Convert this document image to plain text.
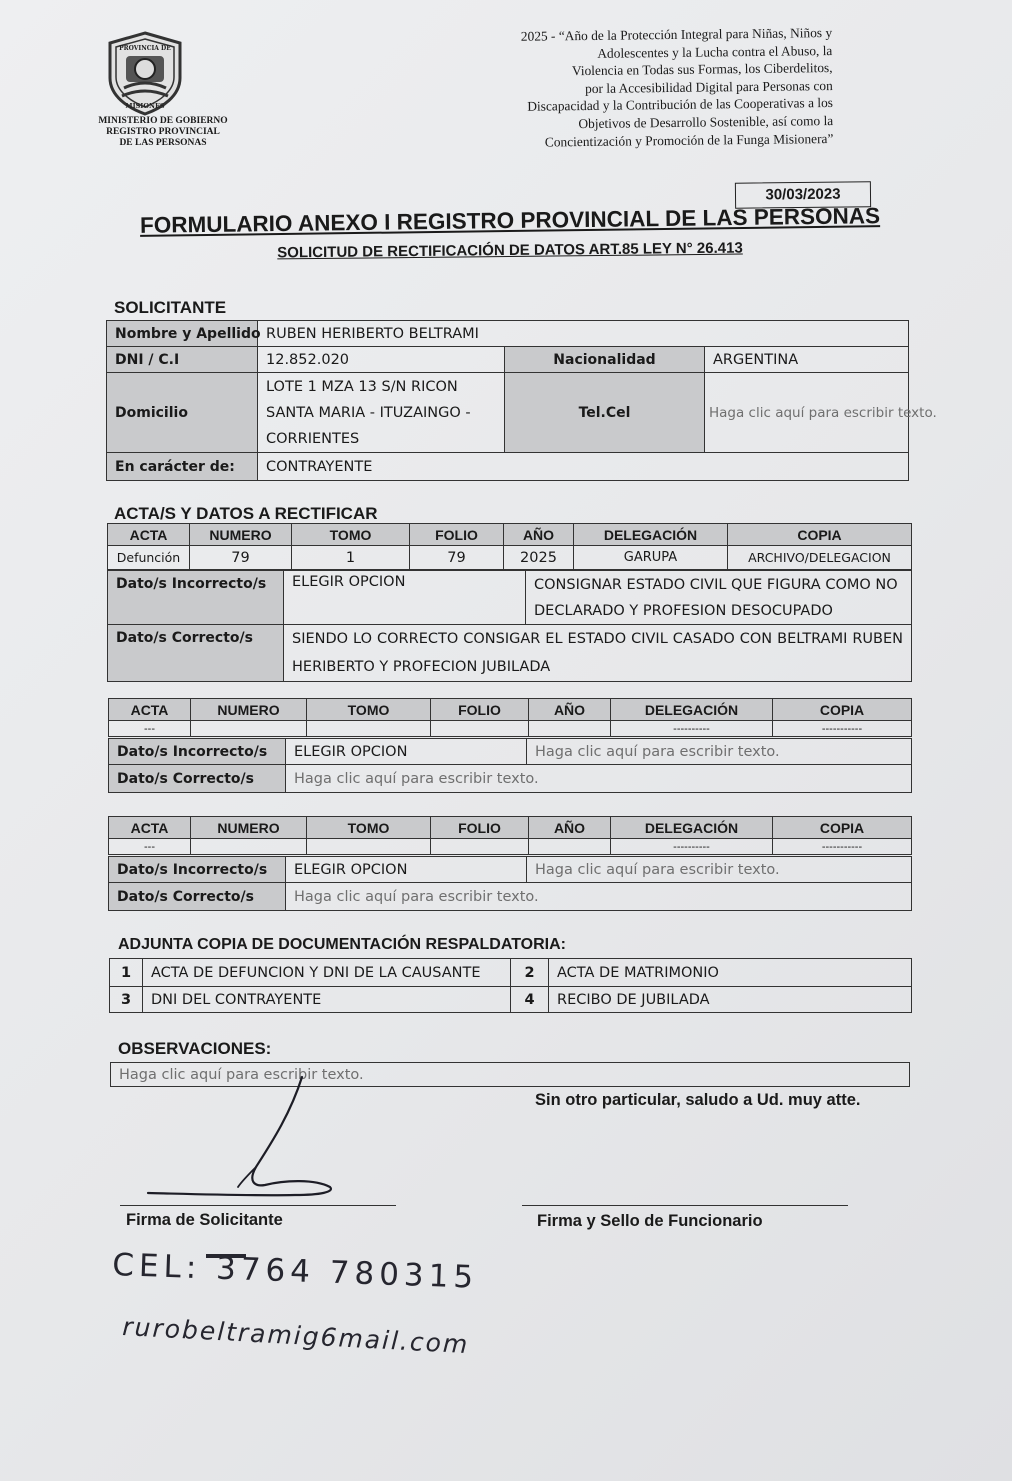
PROVINCIA DE
MISIONES
MINISTERIO DE GOBIERNO
REGISTRO PROVINCIAL
DE LAS PERSONAS
2025 - “Año de la Protección Integral para Niñas, Niños y
Adolescentes y la Lucha contra el Abuso, la
Violencia en Todas sus Formas, los Ciberdelitos,
por la Accesibilidad Digital para Personas con
Discapacidad y la Contribución de las Cooperativas a los
Objetivos de Desarrollo Sostenible, así como la
Concientización y Promoción de la Funga Misionera”
30/03/2023
FORMULARIO ANEXO I REGISTRO PROVINCIAL DE LAS PERSONAS
SOLICITUD DE RECTIFICACIÓN DE DATOS ART.85 LEY N° 26.413
SOLICITANTE
Nombre y Apellido	RUBEN HERIBERTO BELTRAMI		
DNI / C.I	12.852.020	Nacionalidad	ARGENTINA
Domicilio	LOTE 1 MZA 13 S/N RICON
SANTA MARIA - ITUZAINGO -
CORRIENTES	Tel.Cel	Haga clic aquí para escribir texto.
En carácter de:	CONTRAYENTE		
ACTA/S Y DATOS A RECTIFICAR
ACTA	NUMERO	TOMO	FOLIO	AÑO	DELEGACIÓN	COPIA
Defunción	79	1	79	2025	GARUPA	ARCHIVO/DELEGACION
Dato/s Incorrecto/s	ELEGIR OPCION	CONSIGNAR ESTADO CIVIL QUE FIGURA COMO NO DECLARADO Y PROFESION DESOCUPADO
Dato/s Correcto/s	SIENDO LO CORRECTO CONSIGAR EL ESTADO CIVIL CASADO CON BELTRAMI RUBEN HERIBERTO Y PROFECION JUBILADA	
ACTA	NUMERO	TOMO	FOLIO	AÑO	DELEGACIÓN	COPIA
---					----------	-----------
Dato/s Incorrecto/s	ELEGIR OPCION	Haga clic aquí para escribir texto.
Dato/s Correcto/s	Haga clic aquí para escribir texto.	
ACTA	NUMERO	TOMO	FOLIO	AÑO	DELEGACIÓN	COPIA
---					----------	-----------
Dato/s Incorrecto/s	ELEGIR OPCION	Haga clic aquí para escribir texto.
Dato/s Correcto/s	Haga clic aquí para escribir texto.	
ADJUNTA COPIA DE DOCUMENTACIÓN RESPALDATORIA:
1	ACTA DE DEFUNCION Y DNI DE LA CAUSANTE	2	ACTA DE MATRIMONIO
3	DNI DEL CONTRAYENTE	4	RECIBO DE JUBILADA
OBSERVACIONES:
Haga clic aquí para escribir texto.
Sin otro particular, saludo a Ud. muy atte.
Firma de Solicitante	Firma y Sello de Funcionario
CEL: 3764 780315
rurobeltramig6mail.com
